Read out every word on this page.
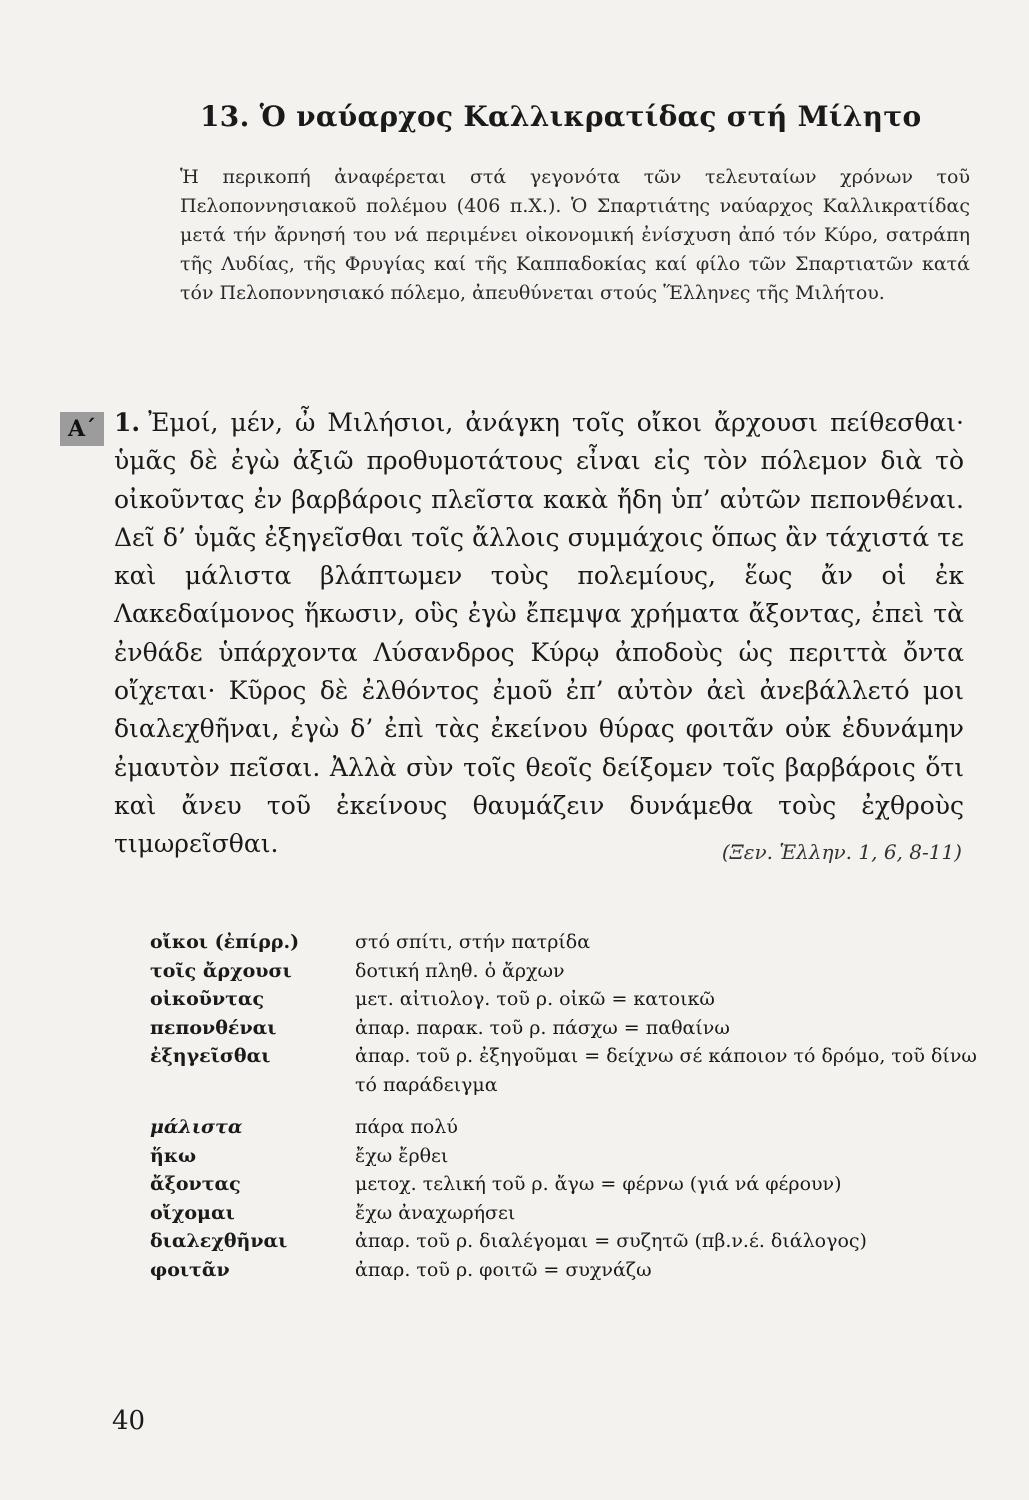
13. Ὁ ναύαρχος Καλλικρατίδας στή Μίλητο
Ἡ περικοπή ἀναφέρεται στά γεγονότα τῶν τελευταίων χρόνων τοῦ Πελοποννησιακοῦ πολέμου (406 π.Χ.). Ὁ Σπαρτιάτης ναύαρχος Καλλικρατίδας μετά τήν ἄρνησή του νά περιμένει οἰκονομική ἐνίσχυση ἀπό τόν Κύρο, σατράπη τῆς Λυδίας, τῆς Φρυγίας καί τῆς Καππαδοκίας καί φίλο τῶν Σπαρτιατῶν κατά τόν Πελοποννησιακό πόλεμο, ἀπευθύνεται στούς Ἕλληνες τῆς Μιλήτου.
Α΄ 1. Ἐμοί, μέν, ὦ Μιλήσιοι, ἀνάγκη τοῖς οἴκοι ἄρχουσι πείθεσθαι· ὑμᾶς δὲ ἐγὼ ἀξιῶ προθυμοτάτους εἶναι εἰς τὸν πόλεμον διὰ τὸ οἰκοῦντας ἐν βαρβάροις πλεῖστα κακὰ ἤδη ὑπ’ αὐτῶν πεπονθέναι. Δεῖ δ’ ὑμᾶς ἐξηγεῖσθαι τοῖς ἄλλοις συμμάχοις ὅπως ἂν τάχιστά τε καὶ μάλιστα βλάπτωμεν τοὺς πολεμίους, ἕως ἄν οἱ ἐκ Λακεδαίμονος ἥκωσιν, οὓς ἐγὼ ἔπεμψα χρήματα ἄξοντας, ἐπεὶ τὰ ἐνθάδε ὑπάρχοντα Λύσανδρος Κύρῳ ἀποδοὺς ὡς περιττὰ ὄντα οἴχεται· Κῦρος δὲ ἐλθόντος ἐμοῦ ἐπ’ αὐτὸν ἀεὶ ἀνεβάλλετό μοι διαλεχθῆναι, ἐγὼ δ’ ἐπὶ τὰς ἐκείνου θύρας φοιτᾶν οὐκ ἐδυνάμην ἐμαυτὸν πεῖσαι. Ἀλλὰ σὺν τοῖς θεοῖς δείξομεν τοῖς βαρβάροις ὅτι καὶ ἄνευ τοῦ ἐκείνους θαυμάζειν δυνάμεθα τοὺς ἐχθροὺς τιμωρεῖσθαι.	(Ξεν. Ἑλλην. 1, 6, 8-11)
οἴκοι (ἐπίρρ.)	στό σπίτι, στήν πατρίδα
τοῖς ἄρχουσι	δοτική πληθ. ὁ ἄρχων
οἰκοῦντας	μετ. αἰτιολογ. τοῦ ρ. οἰκῶ = κατοικῶ
πεπονθέναι	ἀπαρ. παρακ. τοῦ ρ. πάσχω = παθαίνω
ἐξηγεῖσθαι	ἀπαρ. τοῦ ρ. ἐξηγοῦμαι = δείχνω σέ κάποιον τό δρόμο, τοῦ δίνω τό παράδειγμα
μάλιστα	πάρα πολύ
ἥκω	ἔχω ἔρθει
ἄξοντας	μετοχ. τελική τοῦ ρ. ἄγω = φέρνω (γιά νά φέρουν)
οἴχομαι	ἔχω ἀναχωρήσει
διαλεχθῆναι	ἀπαρ. τοῦ ρ. διαλέγομαι = συζητῶ (πβ.ν.έ. διάλογος)
φοιτᾶν	ἀπαρ. τοῦ ρ. φοιτῶ = συχνάζω
40
